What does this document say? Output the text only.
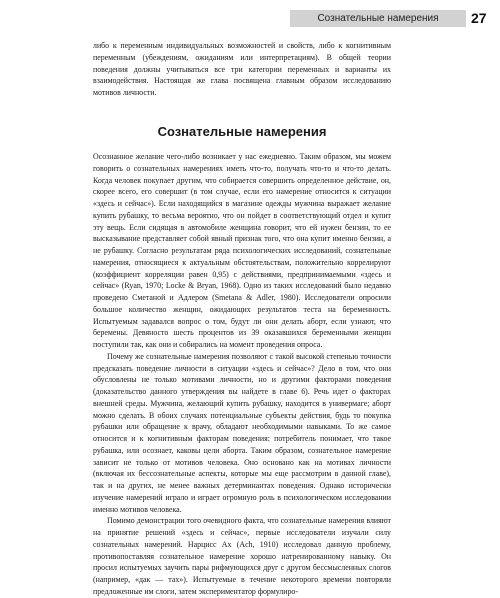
Сознательные намерения	27

либо к переменным индивидуальных возможностей и свойств, либо к когнитивным переменным (убеждениям, ожиданиям или интерпретациям). В общей теории поведения должны учитываться все три категории переменных и варианты их взаимодействия. Настоящая же глава посвящена главным образом исследованию мотивов личности.

Сознательные намерения

Осознанное желание чего-либо возникает у нас ежедневно. Таким образом, мы можем говорить о сознательных намерениях иметь что-то, получать что-то и что-то делать. Когда человек покупает другим, что собирается совершить определенное действие, он, скорее всего, его совершит (в том случае, если его намерение относится к ситуации «здесь и сейчас»). Если находящийся в магазине одежды мужчина выражает желание купить рубашку, то весьма вероятно, что он пойдет в соответствующий отдел и купит эту вещь. Если сидящая в автомобиле женщина говорит, что ей нужен бензин, то ее высказывание представляет собой явный признак того, что она купит именно бензин, а не рубашку. Согласно результатам ряда психологических исследований, сознательные намерения, относящиеся к актуальным обстоятельствам, положительно коррелируют (коэффициент корреляции равен 0,95) с действиями, предпринимаемыми «здесь и сейчас» (Ryan, 1970; Locke & Bryan, 1968). Одно из таких исследований было недавно проведено Сметаной и Адлером (Smetana & Adler, 1980). Исследователи опросили большое количество женщин, ожидающих результатов теста на беременность. Испытуемым задавался вопрос о том, будут ли они делать аборт, если узнают, что беремены. Девяносто шесть процентов из 39 оказавшихся беременными женщин поступили так, как они и собирались на момент проведения опроса.

Почему же сознательные намерения позволяют с такой высокой степенью точности предсказать поведение личности в ситуации «здесь и сейчас»? Дело в том, что они обусловлены не только мотивами личности, но и другими факторами поведения (доказательство данного утверждения вы найдете в главе 6). Речь идет о факторах внешней среды. Мужчина, желающий купить рубашку, находится в универмаге; аборт можно сделать. В обоих случаях потенциальные субъекты действия, будь то покупка рубашки или обращение к врачу, обладают необходимыми навыками. То же самое относится и к когнитивным факторам поведения: потребитель понимает, что такое рубашка, или осознает, каковы цели аборта. Таким образом, сознательное намерение зависит не только от мотивов человека. Оно основано как на мотивах личности (включая их бессознательные аспекты, которые мы еще рассмотрим в данной главе), так и на других, не менее важных детерминантах поведения. Однако исторически изучение намерений играло и играет огромную роль в психологическом исследовании именно мотивов человека.

Помимо демонстрации того очевидного факта, что сознательные намерения влияют на принятие решений «здесь и сейчас», первые исследователи изучали силу сознательных намерений. Нарцисс Ах (Ach, 1910) исследовал данную проблему, противопоставляя сознательное намерение хорошо натренированному навыку. Он просил испытуемых заучить пары рифмующихся друг с другом бессмысленных слогов (например, «дак — тах»). Испытуемые в течение некоторого времени повторяли предложенные им слоги, затем экспериментатор формулиро-
